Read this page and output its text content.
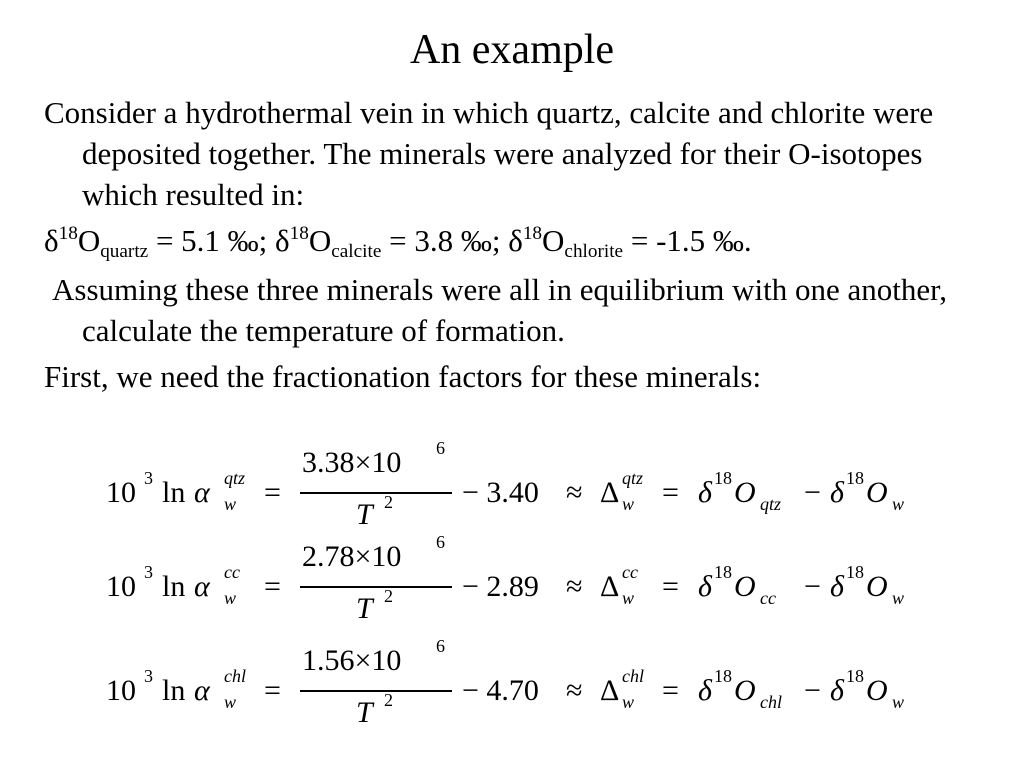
An example

Consider a hydrothermal vein in which quartz, calcite and chlorite were deposited together. The minerals were analyzed for their O-isotopes which resulted in:

$\delta^{18}O_{quartz} = 5.1$ ‰; $\delta^{18}O_{calcite} = 3.8$ ‰; $\delta^{18}O_{chlorite} = -1.5$ ‰.

Assuming these three minerals were all in equilibrium with one another, calculate the temperature of formation.

First, we need the fractionation factors for these minerals:

10 3 ln α qtz
w =
3.38×10 6
T 2 − 3.40 ≈ Δ qtz
w = δ 18 O qtz − δ 18 O w
10 3 ln α cc
w =
2.78×10 6
T 2 − 2.89 ≈ Δ cc
w = δ 18 O cc − δ 18 O w
10 3 ln α chl
w =
1.56×10 6
T 2 − 4.70 ≈ Δ chl
w = δ 18 O chl − δ 18 O w
